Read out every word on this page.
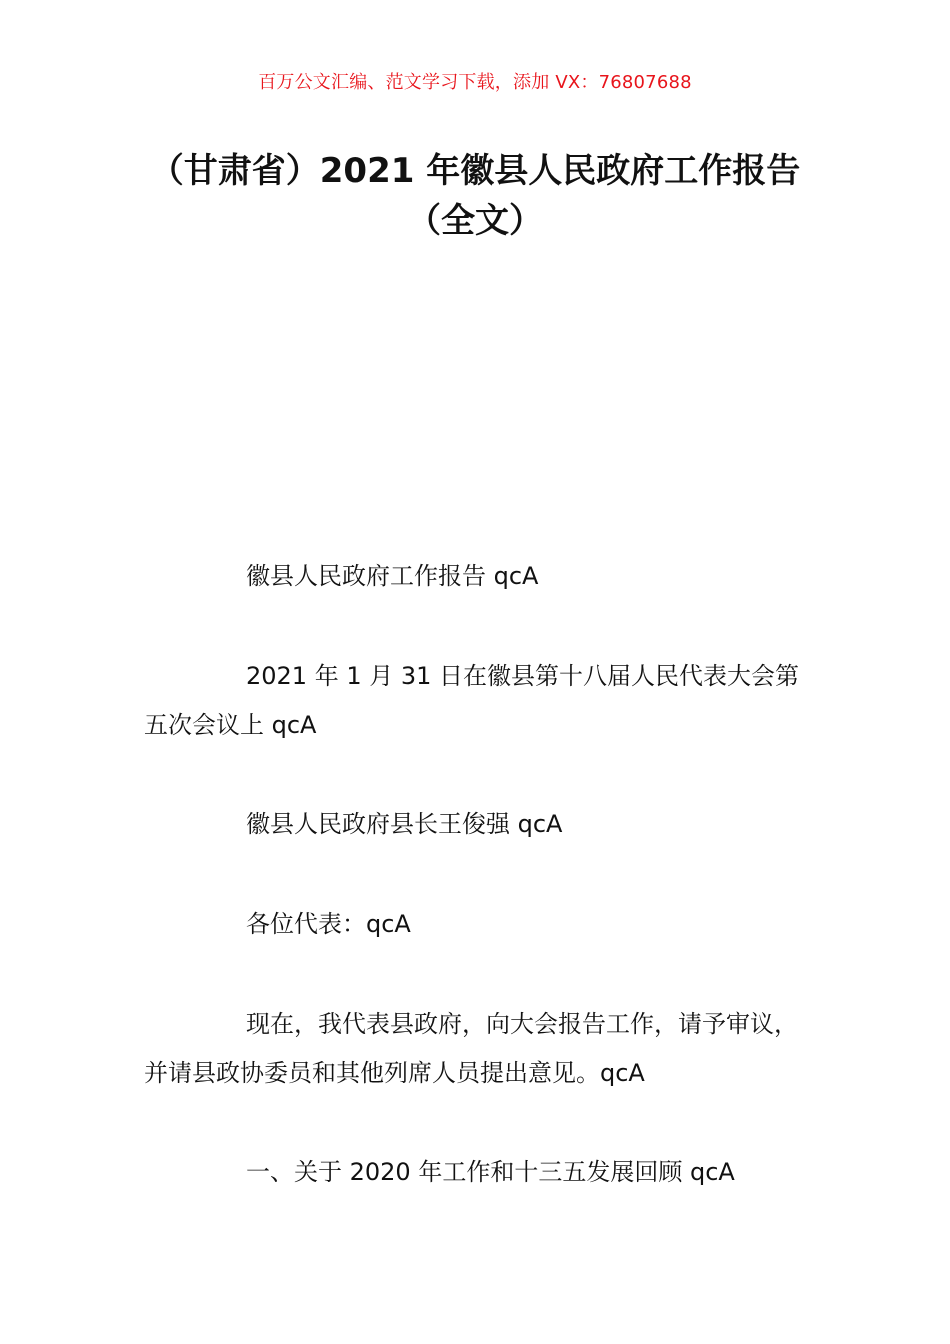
百万公文汇编、范文学习下载，添加 VX：76807688
（甘肃省）2021 年徽县人民政府工作报告
（全文）

徽县人民政府工作报告 qcA

2021 年 1 月 31 日在徽县第十八届人民代表大会第五次会议上 qcA

徽县人民政府县长王俊强 qcA

各位代表：qcA

现在，我代表县政府，向大会报告工作，请予审议，并请县政协委员和其他列席人员提出意见。qcA

一、关于 2020 年工作和十三五发展回顾 qcA
